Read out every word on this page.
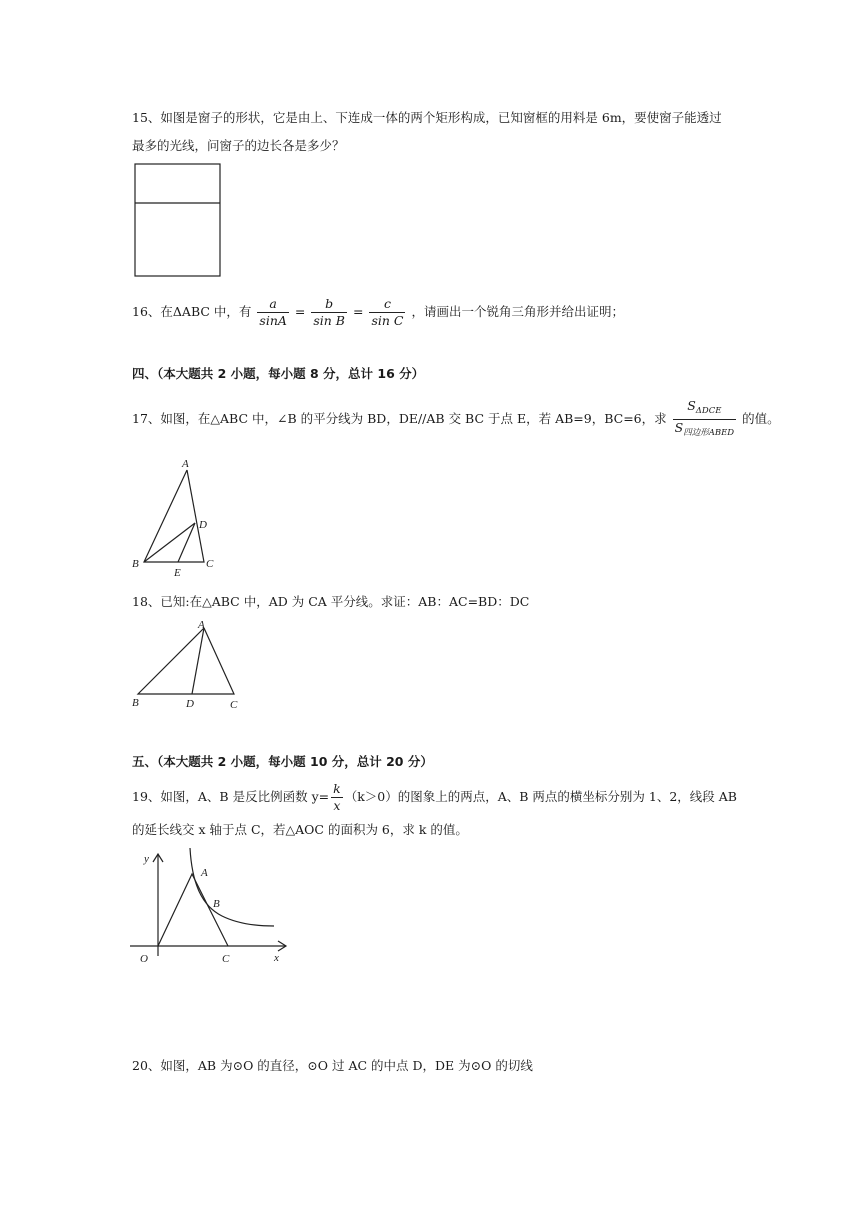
15、如图是窗子的形状，它是由上、下连成一体的两个矩形构成，已知窗框的用料是 6m，要使窗子能透过
最多的光线，问窗子的边长各是多少？
16、在ΔABC 中，有 $\frac{a}{\sin A} = \frac{b}{\text{sin B}} = \frac{c}{\text{sin C}}$ ，请画出一个锐角三角形并给出证明；
四、（本大题共 2 小题，每小题 8 分，总计 16 分）
17、如图，在△ABC 中，∠B 的平分线为 BD，DE//AB 交 BC 于点 E，若 AB=9，BC=6，求 $\frac{S_{\Delta DCE}}{S_{四边形ABED}}$ 的值。
A
B	C
D
E
18、已知:在△ABC 中，AD 为 CA 平分线。求证：AB：AC=BD：DC
A
B	D	C
五、（本大题共 2 小题，每小题 10 分，总计 20 分）
19、如图，A、B 是反比例函数 $y= \frac{k}{x} (k>0)$的图象上的两点，A、B 两点的横坐标分别为 1、2，线段 AB
的延长线交 x 轴于点 C，若△AOC 的面积为 6，求 k 的值。
y
A
B
O	C	x
20、如图，AB 为⊙O 的直径，⊙O 过 AC 的中点 D，DE 为⊙O 的切线
